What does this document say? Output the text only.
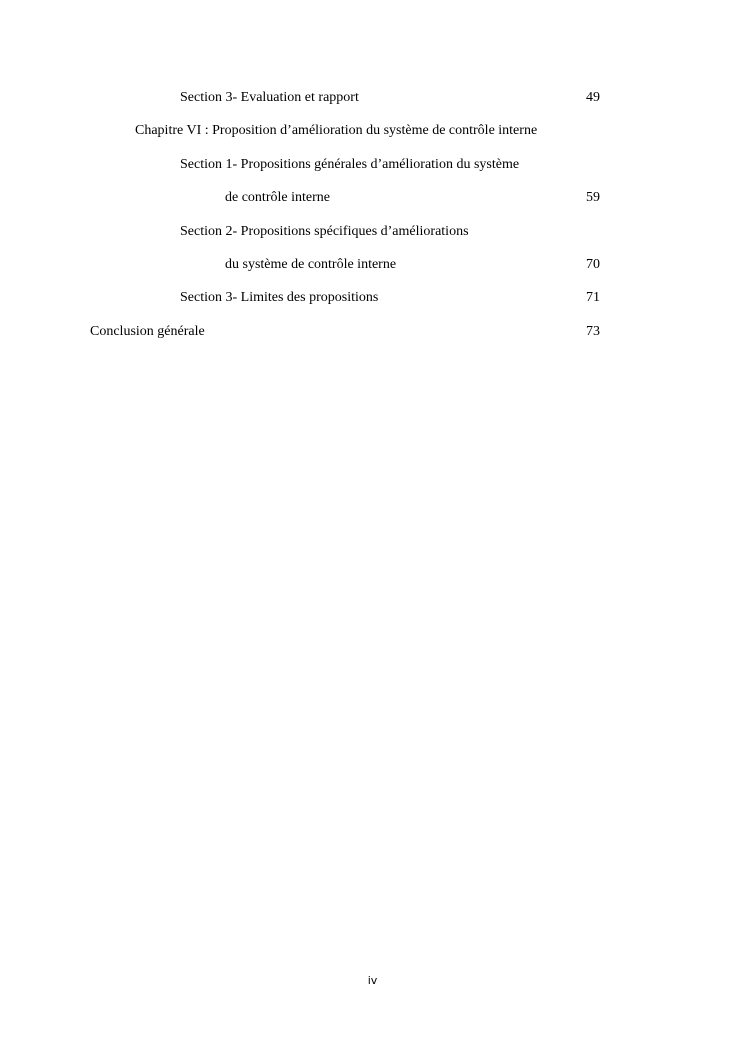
Section 3- Evaluation et rapport	49
Chapitre VI : Proposition d’amélioration du système de contrôle interne
Section 1- Propositions générales d’amélioration du système
de contrôle interne	59
Section 2- Propositions spécifiques d’améliorations
du système de contrôle interne	70
Section 3- Limites des propositions	71
Conclusion générale	73
iv
